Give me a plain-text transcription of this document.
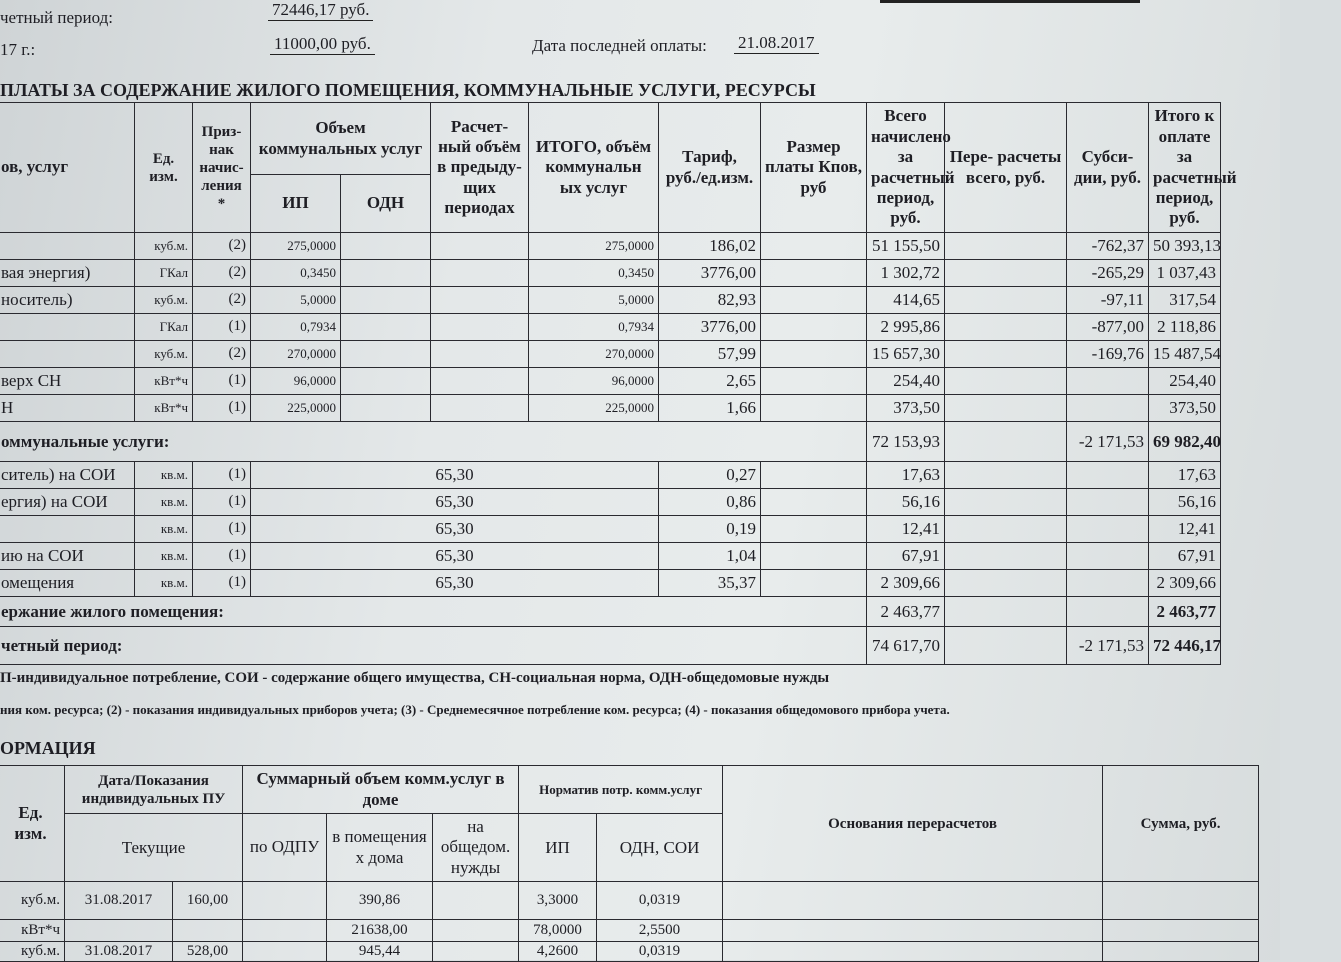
четный период:	72446,17 руб.
17 г.:	11000,00 руб.	Дата последней оплаты: 21.08.2017
ПЛАТЫ ЗА СОДЕРЖАНИЕ ЖИЛОГО ПОМЕЩЕНИЯ, КОММУНАЛЬНЫЕ УСЛУГИ, РЕСУРСЫ
ов, услуг	Ед. изм.	Приз- нак начис- ления *	Объем коммунальных услуг		Расчет- ный объём в предыду- щих периодах	ИТОГО, объём коммунальн ых услуг	Тариф, руб./ед.изм.	Размер платы Кпов, руб	Всего начислено за расчетный период, руб.	Пере- расчеты всего, руб.	Субси- дии, руб.	Итого к оплате за расчетный период, руб.
			ИП	ОДН								
	куб.м.	(2)	275,0000			275,0000	186,02		51 155,50		-762,37	50 393,13
вая энергия)	ГКал	(2)	0,3450			0,3450	3776,00		1 302,72		-265,29	1 037,43
носитель)	куб.м.	(2)	5,0000			5,0000	82,93		414,65		-97,11	317,54
	ГКал	(1)	0,7934			0,7934	3776,00		2 995,86		-877,00	2 118,86
	куб.м.	(2)	270,0000			270,0000	57,99		15 657,30		-169,76	15 487,54
верх СН	кВт*ч	(1)	96,0000			96,0000	2,65		254,40			254,40
Н	кВт*ч	(1)	225,0000			225,0000	1,66		373,50			373,50
оммунальные услуги:									72 153,93		-2 171,53	69 982,40
ситель) на СОИ	кв.м.	(1)	65,30				0,27		17,63			17,63
ергия) на СОИ	кв.м.	(1)	65,30				0,86		56,16			56,16
	кв.м.	(1)	65,30				0,19		12,41			12,41
ию на СОИ	кв.м.	(1)	65,30				1,04		67,91			67,91
омещения	кв.м.	(1)	65,30				35,37		2 309,66			2 309,66
ержание жилого помещения:									2 463,77			2 463,77
четный период:									74 617,70		-2 171,53	72 446,17
П-индивидуальное потребление, СОИ - содержание общего имущества, СН-социальная норма, ОДН-общедомовые нужды
ния ком. ресурса; (2) - показания индивидуальных приборов учета; (3) - Среднемесячное потребление ком. ресурса; (4) - показания общедомового прибора учета.
ОРМАЦИЯ
Ед. изм.	Дата/Показания индивидуальных ПУ		Суммарный объем комм.услуг в доме			Норматив потр. комм.услуг		Основания перерасчетов	Сумма, руб.
	Текущие		по ОДПУ	в помещения х дома	на общедом. нужды	ИП	ОДН, СОИ		
куб.м.	31.08.2017	160,00		390,86		3,3000	0,0319		
кВт*ч				21638,00		78,0000	2,5500		
куб.м.	31.08.2017	528,00		945,44		4,2600	0,0319		
